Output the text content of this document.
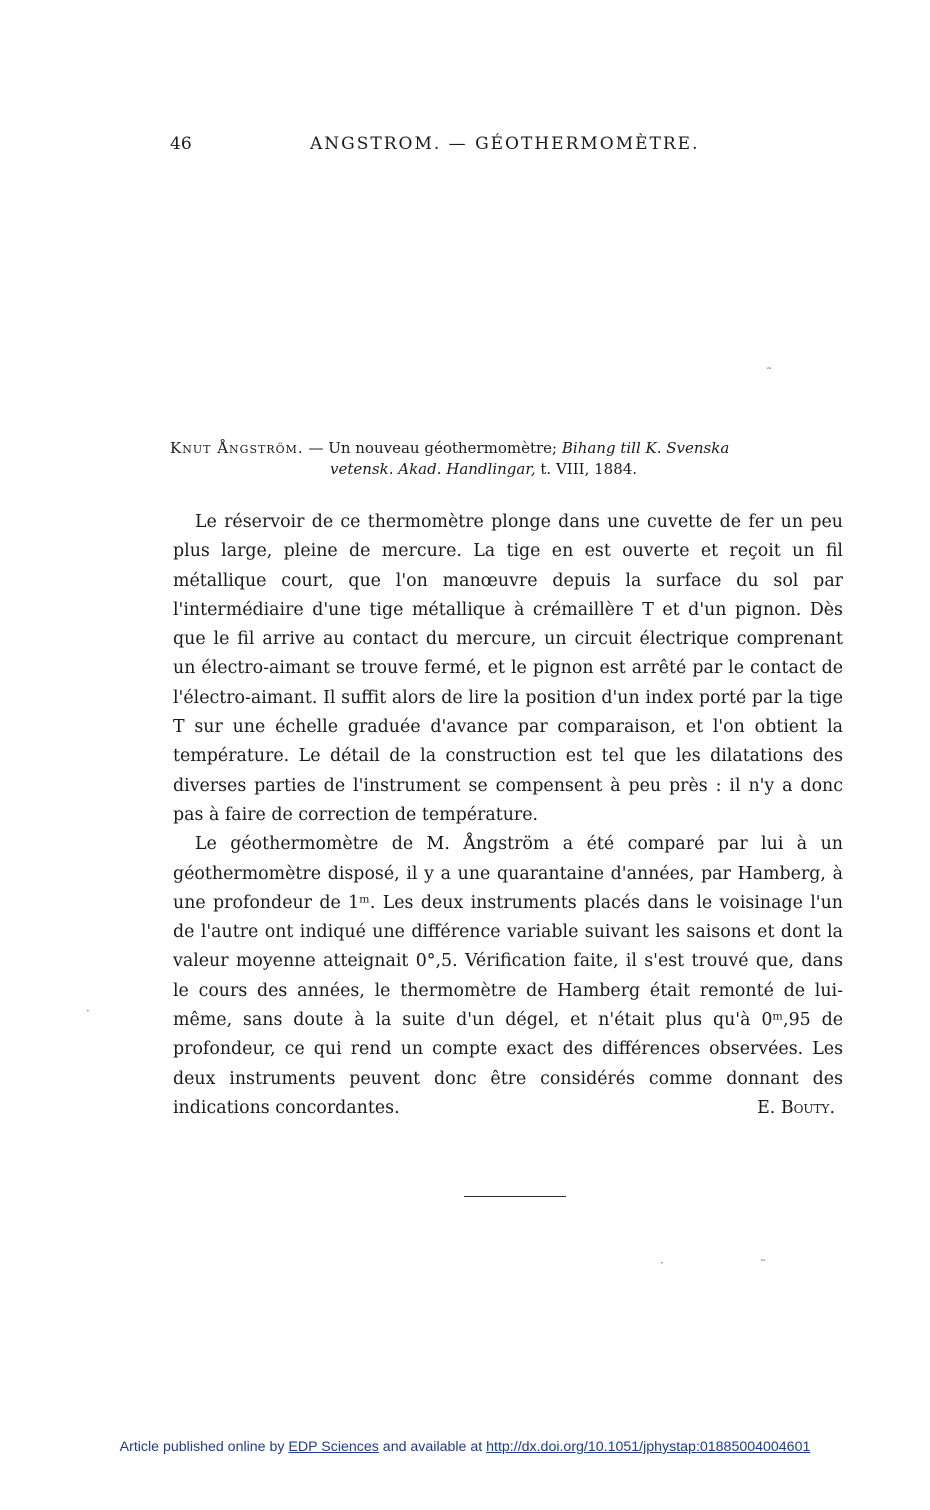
46	ANGSTROM. — GÉOTHERMOMÈTRE.
˜
Knut Ångström. — Un nouveau géothermomètre; Bihang till K. Svenska
vetensk. Akad. Handlingar, t. VIII, 1884.

Le réservoir de ce thermomètre plonge dans une cuvette de fer un peu plus large, pleine de mercure. La tige en est ouverte et reçoit un fil métallique court, que l'on manœuvre depuis la surface du sol par l'intermédiaire d'une tige métallique à crémaillère T et d'un pignon. Dès que le fil arrive au contact du mercure, un circuit électrique comprenant un électro-aimant se trouve fermé, et le pignon est arrêté par le contact de l'électro-aimant. Il suffit alors de lire la position d'un index porté par la tige T sur une échelle graduée d'avance par comparaison, et l'on obtient la température. Le détail de la construction est tel que les dilatations des diverses parties de l'instrument se compensent à peu près : il n'y a donc pas à faire de correction de température.

Le géothermomètre de M. Ångström a été comparé par lui à un géothermomètre disposé, il y a une quarantaine d'années, par Hamberg, à une profondeur de 1ᵐ. Les deux instruments placés dans le voisinage l'un de l'autre ont indiqué une différence variable suivant les saisons et dont la valeur moyenne atteignait 0°,5. Vérification faite, il s'est trouvé que, dans le cours des années, le thermomètre de Hamberg était remonté de lui-même, sans doute à la suite d'un dégel, et n'était plus qu'à 0ᵐ,95 de profondeur, ce qui rend un compte exact des différences observées. Les deux instruments peuvent donc être considérés comme donnant des indications concordantes.	E. Bouty.

·
·	˜
Article published online by EDP Sciences and available at http://dx.doi.org/10.1051/jphystap:01885004004601
